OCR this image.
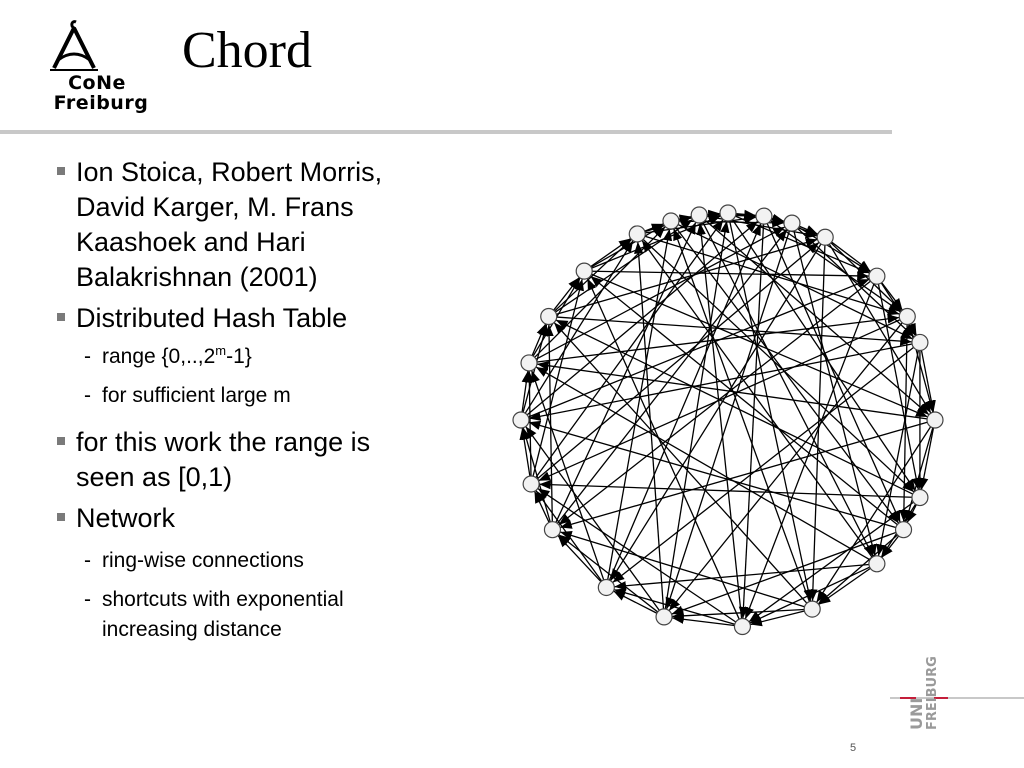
CoNe
Freiburg
Chord
Ion Stoica, Robert Morris, David Karger, M. Frans Kaashoek and Hari Balakrishnan (2001)
Distributed Hash Table
- range {0,..,2$^m$-1}
- for sufficient large m
for this work the range is seen as [0,1)
Network
- ring-wise connections
- shortcuts with exponential increasing distance
UNI FREIBURG
5
